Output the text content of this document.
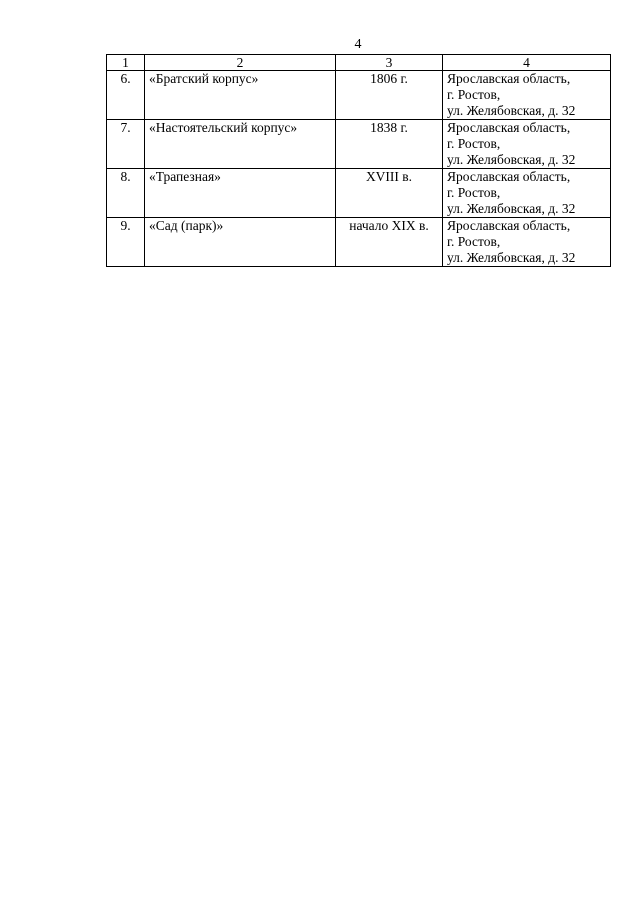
4
1	2	3	4
6.	«Братский корпус»	1806 г.	Ярославская область,
г. Ростов,
ул. Желябовская, д. 32

7.	«Настоятельский корпус»	1838 г.	Ярославская область,
г. Ростов,
ул. Желябовская, д. 32

8.	«Трапезная»	XVIII в.	Ярославская область,
г. Ростов,
ул. Желябовская, д. 32

9.	«Сад (парк)»	начало XIX в.	Ярославская область,
г. Ростов,
ул. Желябовская, д. 32
